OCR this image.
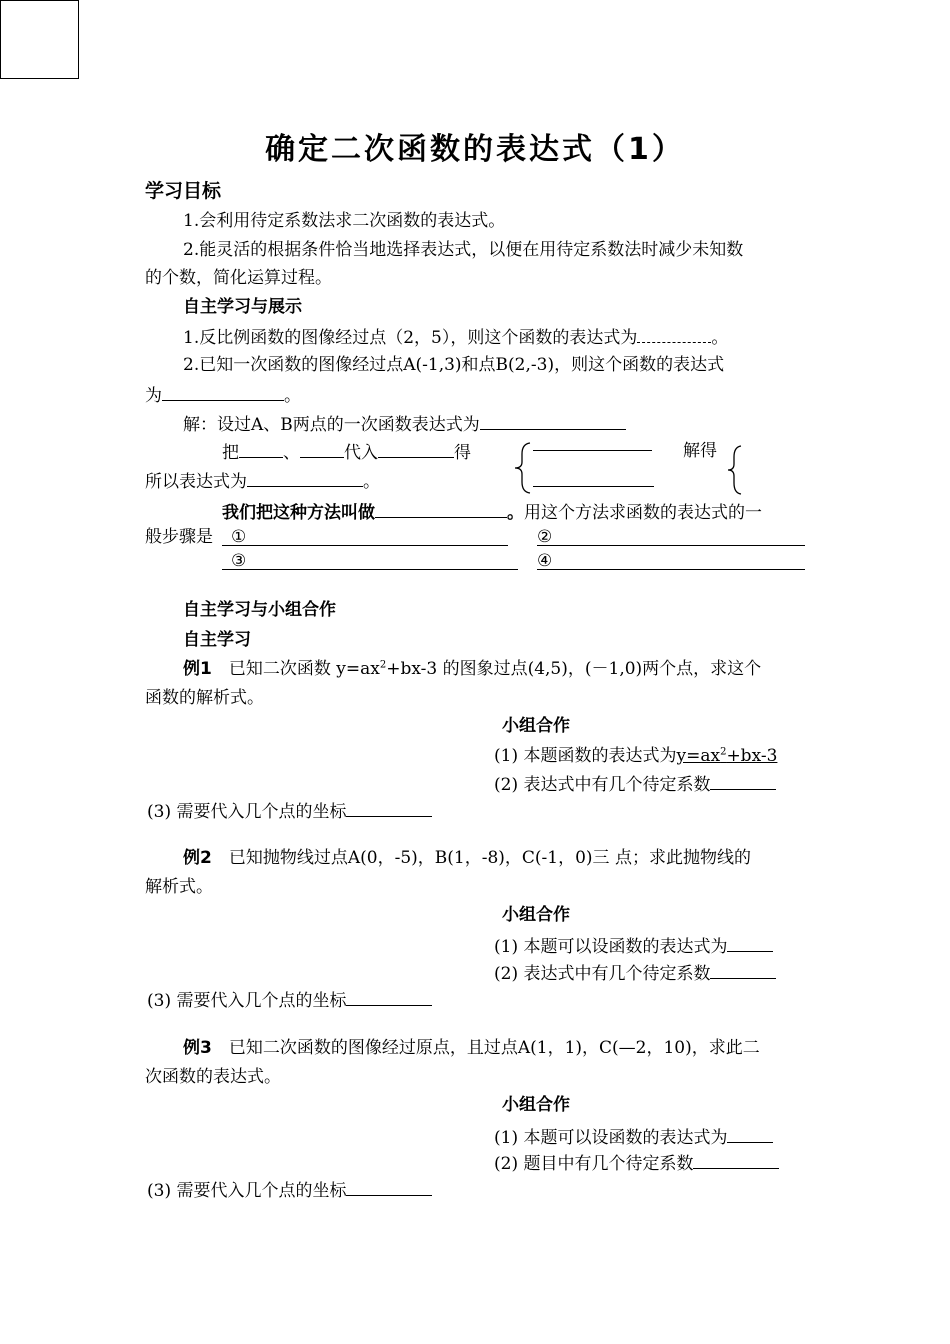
确定二次函数的表达式（1）
学习目标
1.会利用待定系数法求二次函数的表达式。
2.能灵活的根据条件恰当地选择表达式，以便在用待定系数法时减少未知数
的个数，简化运算过程。
自主学习与展示
1.反比例函数的图像经过点（2，5），则这个函数的表达式为	。
2.已知一次函数的图像经过点A(-1,3)和点B(2,-3)，则这个函数的表达式
为	。
解：设过A、B两点的一次函数表达式为
把	、	代入	得	解得
所以表达式为	。
我们把这种方法叫做	。用这个方法求函数的表达式的一
般步骤是 ①	②
③	④
自主学习与小组合作
自主学习
例1 已知二次函数 $y=ax^2+bx-3$ 的图象过点(4,5)，(－1,0)两个点，求这个
函数的解析式。
小组合作
(1) 本题函数的表达式为$y=ax^2+bx-3$
(2) 表达式中有几个待定系数
(3) 需要代入几个点的坐标
例2 已知抛物线过点A(0，-5)，B(1，-8)，C(-1，0)三 点；求此抛物线的
解析式。
小组合作
(1) 本题可以设函数的表达式为
(2) 表达式中有几个待定系数
(3) 需要代入几个点的坐标
例3 已知二次函数的图像经过原点，且过点A(1，1)，C(—2，10)，求此二
次函数的表达式。
小组合作
(1) 本题可以设函数的表达式为
(2) 题目中有几个待定系数
(3) 需要代入几个点的坐标
